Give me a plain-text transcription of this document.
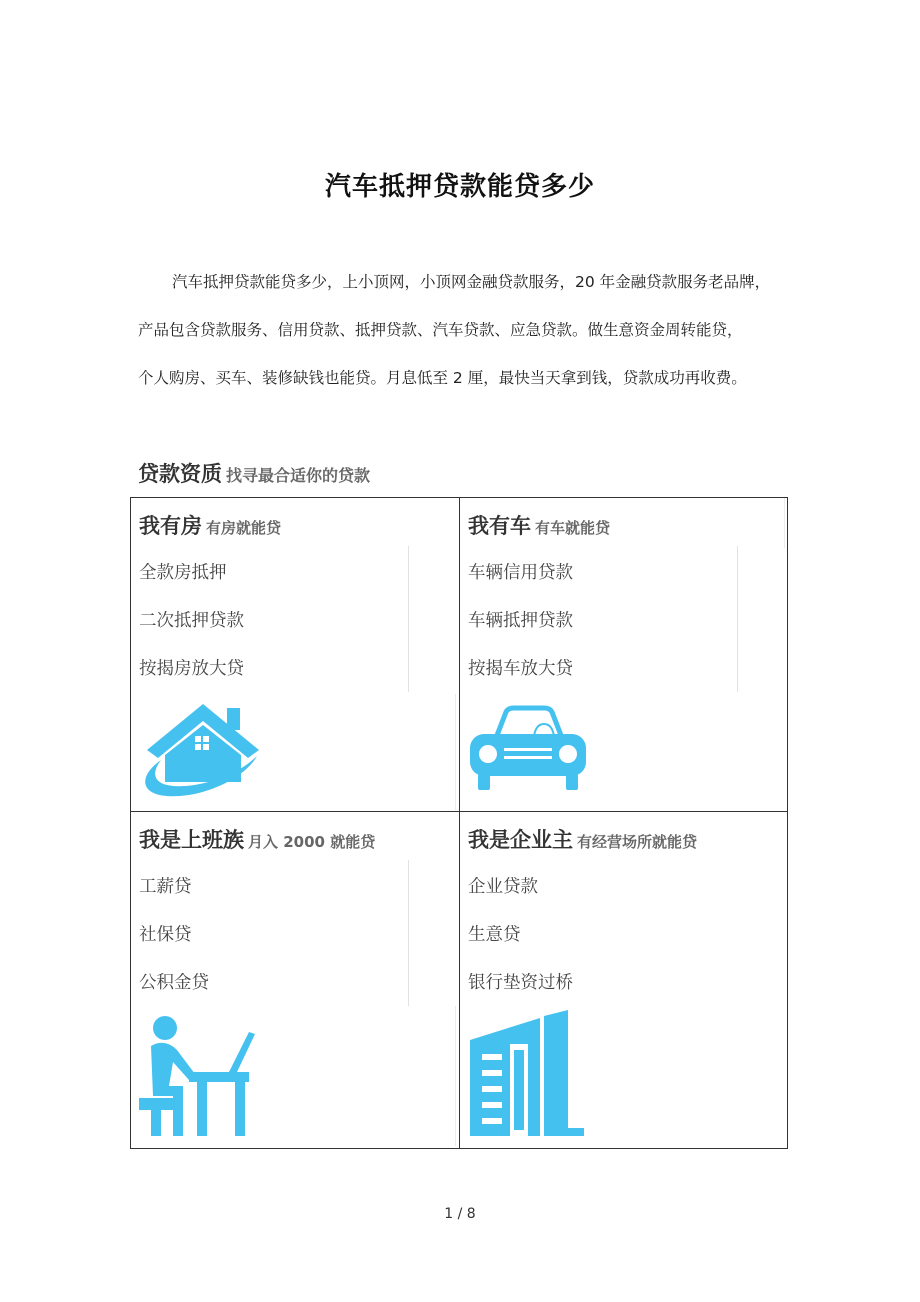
汽车抵押贷款能贷多少
汽车抵押贷款能贷多少，上小顶网，小顶网金融贷款服务，20 年金融贷款服务老品牌，
产品包含贷款服务、信用贷款、抵押贷款、汽车贷款、应急贷款。做生意资金周转能贷，
个人购房、买车、装修缺钱也能贷。月息低至 2 厘，最快当天拿到钱，贷款成功再收费。
贷款资质 找寻最合适你的贷款
我有房 有房就能贷
全款房抵押
二次抵押贷款
按揭房放大贷
我有车 有车就能贷
车辆信用贷款
车辆抵押贷款
按揭车放大贷
我是上班族 月入 2000 就能贷
工薪贷
社保贷
公积金贷
我是企业主 有经营场所就能贷
企业贷款
生意贷
银行垫资过桥
1 / 8
